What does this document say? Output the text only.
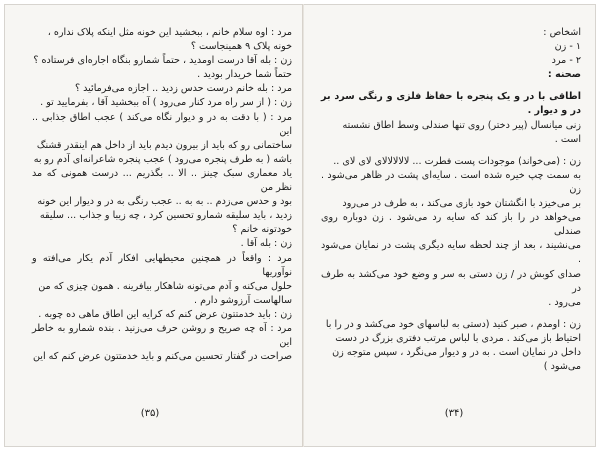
مرد : اوه سلام خانم ، ببخشید این خونه مثل اینکه پلاک نداره ،

خونه پلاک ۹ همینجاست ؟

زن : بله آقا درست اومدید ، حتماً شمارو بنگاه اجاره‌ای فرستاده ؟

حتماً شما خریدار بودید .

مرد : بله خانم درست حدس زدید .. اجازه می‌فرمائید ؟

زن : ( از سر راه مرد کنار می‌رود ) آه ببخشید آقا ، بفرمایید تو .

مرد : ( با دقت به در و دیوار نگاه می‌کند ) عجب اطاق جذابی .. این

ساختمانی رو که باید از بیرون دیدم باید از داخل هم اینقدر قشنگ

باشه ( به طرف پنجره می‌رود ) عجب پنجره شاعرانه‌ای آدم رو به

یاد معماری سبک چینز .. الا .. بگذریم ... درست همونی که مد نظر من

بود و حدس می‌زدم .. به به .. عجب رنگی به در و دیوار این خونه

زدید ، باید سلیقه شمارو تحسین کرد ، چه زیبا و جذاب ... سلیقه

خودتونه خانم ؟

زن : بله آقا .

مرد : واقعاً در همچنین محیطهایی افکار آدم یکار می‌افته و نوآوریها

حلول می‌کنه و آدم می‌تونه شاهکار بیافرینه . همون چیزی که من

سالهاست آرزوشو دارم .

زن : باید خدمتتون عرض کنم که کرایه این اطاق ماهی ده چوبه .

مرد : آه چه صریح و روشن حرف می‌زنید . بنده شمارو به خاطر این

صراحت در گفتار تحسین می‌کنم و باید خدمتتون عرض کنم که این

اشخاص :

۱ - زن

۲ - مرد

صحنه :

اطاقی با در و یک پنجره با حفاظ فلزی و رنگی سرد بر در و دیوار .

زنی میانسال (پیر دختر) روی تنها صندلی وسط اطاق نشسته

است .

زن : (می‌خواند) موجودات پست فطرت ... لالالالالای لای لای ..

به سمت چپ خیره شده است . سایه‌ای پشت در ظاهر می‌شود . زن

بر می‌خیزد با انگشتان خود بازی می‌کند ، به طرف در می‌رود

می‌خواهد در را باز کند که سایه رد می‌شود . زن دوباره روی صندلی

می‌نشیند ، بعد از چند لحظه سایه دیگری پشت در نمایان می‌شود .

صدای کوبش در / زن دستی به سر و وضع خود می‌کشد به طرف در

می‌رود .

زن : اومدم ، صبر کنید (دستی به لباسهای خود می‌کشد و در را با

احتیاط باز می‌کند . مردی با لباس مرتب دفتری بزرگ در دست

داخل در نمایان است . به در و دیوار می‌نگرد ، سپس متوجه زن

می‌شود )

(۳۵)	(۳۴)
